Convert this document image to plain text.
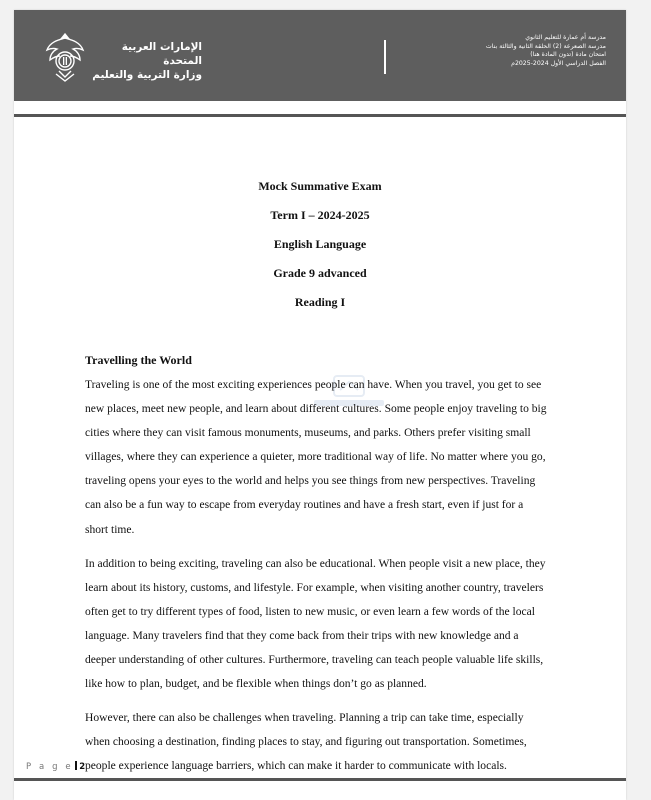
الإمارات العربية المتحدة
وزارة التربية والتعليم
مدرسة أم عمارة للتعليم الثانوي
مدرسة الصعرعة (2) الحلقة الثانية والثالثة بنات
امتحان مادة (تدون المادة هنا)
الفصل الدراسي الأول 2024-2025م
Mock Summative Exam
Term I – 2024-2025
English Language
Grade 9 advanced
Reading I
Travelling the World

Traveling is one of the most exciting experiences people can have. When you travel, you get to see new places, meet new people, and learn about different cultures. Some people enjoy traveling to big cities where they can visit famous monuments, museums, and parks. Others prefer visiting small villages, where they can experience a quieter, more traditional way of life. No matter where you go, traveling opens your eyes to the world and helps you see things from new perspectives. Traveling can also be a fun way to escape from everyday routines and have a fresh start, even if just for a short time.

In addition to being exciting, traveling can also be educational. When people visit a new place, they learn about its history, customs, and lifestyle. For example, when visiting another country, travelers often get to try different types of food, listen to new music, or even learn a few words of the local language. Many travelers find that they come back from their trips with new knowledge and a deeper understanding of other cultures. Furthermore, traveling can teach people valuable life skills, like how to plan, budget, and be flexible when things don’t go as planned.

However, there can also be challenges when traveling. Planning a trip can take time, especially when choosing a destination, finding places to stay, and figuring out transportation. Sometimes, people experience language barriers, which can make it harder to communicate with locals.

P a g e 2
